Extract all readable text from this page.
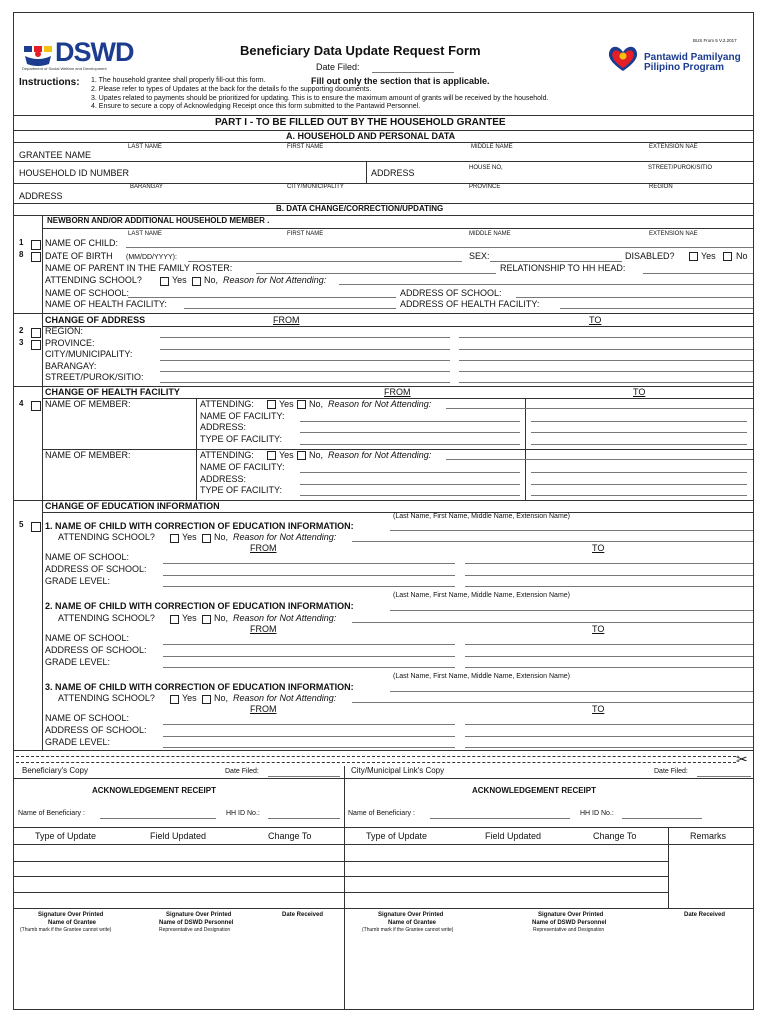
DSWD
Department of Social Welfare and Development
Beneficiary Data Update Request Form
Date Filed:
BUS From 5 V.2.2017
Pantawid Pamilyang
Pilipino Program
Instructions: 1. The household grantee shall properly fill-out this form.	Fill out only the section that is applicable.
2. Please refer to types of Updates at the back for the details fo the supporting documents.
3. Upates related to payments should be prioritized for updating. This is to ensure the maximum amount of grants will be received by the household.
4. Ensure to secure a copy of Acknowledging Receipt once this form submitted to the Pantawid Personnel.
PART I - TO BE FILLED OUT BY THE HOUSEHOLD GRANTEE
A. HOUSEHOLD AND PERSONAL DATA
LAST NAME	FIRST NAME	MIDDLE NAME	EXTENSION NAE
GRANTEE NAME
HOUSEHOLD ID NUMBER	ADDRESS	HOUSE NO,	STREET/PUROK/SITIO
BARANGAY	CITY/MUNICIPALITY	PROVINCE	REGION
ADDRESS
B. DATA CHANGE/CORRECTION/UPDATING
NEWBORN AND/OR ADDITIONAL HOUSEHOLD MEMBER .
LAST NAME	FIRST NAME	MIDDLE NAME	EXTENSION NAE
1
8
NAME OF CHILD:
DATE OF BIRTH (MM/DD/YYYY):	SEX:	DISABLED?	Yes No
NAME OF PARENT IN THE FAMILY ROSTER:	RELATIONSHIP TO HH HEAD:
ATTENDING SCHOOL?	Yes No, Reason for Not Attending:
NAME OF SCHOOL:	ADDRESS OF SCHOOL:
NAME OF HEALTH FACILITY:	ADDRESS OF HEALTH FACILITY:
CHANGE OF ADDRESS	FROM	TO
2
3
REGION:
PROVINCE:
CITY/MUNICIPALITY:
BARANGAY:
STREET/PUROK/SITIO:
CHANGE OF HEALTH FACILITY	FROM	TO
4 NAME OF MEMBER:	ATTENDING:	Yes No, Reason for Not Attending:
NAME OF FACILITY:
ADDRESS:
TYPE OF FACILITY:
NAME OF MEMBER:	ATTENDING:	Yes No, Reason for Not Attending:
NAME OF FACILITY:
ADDRESS:
TYPE OF FACILITY:
CHANGE OF EDUCATION INFORMATION
5
(Last Name, First Name, Middle Name, Extension Name)
1. NAME OF CHILD WITH CORRECTION OF EDUCATION INFORMATION:
ATTENDING SCHOOL?	Yes No, Reason for Not Attending:
FROM	TO
NAME OF SCHOOL:
ADDRESS OF SCHOOL:
GRADE LEVEL:
(Last Name, First Name, Middle Name, Extension Name)
2. NAME OF CHILD WITH CORRECTION OF EDUCATION INFORMATION:
ATTENDING SCHOOL?	Yes No, Reason for Not Attending:
FROM	TO
NAME OF SCHOOL:
ADDRESS OF SCHOOL:
GRADE LEVEL:
(Last Name, First Name, Middle Name, Extension Name)
3. NAME OF CHILD WITH CORRECTION OF EDUCATION INFORMATION:
ATTENDING SCHOOL?	Yes No, Reason for Not Attending:
FROM	TO
NAME OF SCHOOL:
ADDRESS OF SCHOOL:
GRADE LEVEL:
✂
Beneficiary's Copy	Date Filed:
ACKNOWLEDGEMENT RECEIPT
Name of Beneficiary :	HH ID No.:
Type of Update	Field Updated	Change To
Signature Over Printed
Name of Grantee
(Thumb mark if the Grantee cannot write)
Signature Over Printed
Name of DSWD Personnel
Representative and Designation
Date Received
City/Municipal Link's Copy	Date Filed:
ACKNOWLEDGEMENT RECEIPT
Name of Beneficiary :	HH ID No.:
Type of Update	Field Updated	Change To	Remarks
Signature Over Printed
Name of Grantee
(Thumb mark if the Grantee cannot write)
Signature Over Printed
Name of DSWD Personnel
Representative and Designation
Date Received
